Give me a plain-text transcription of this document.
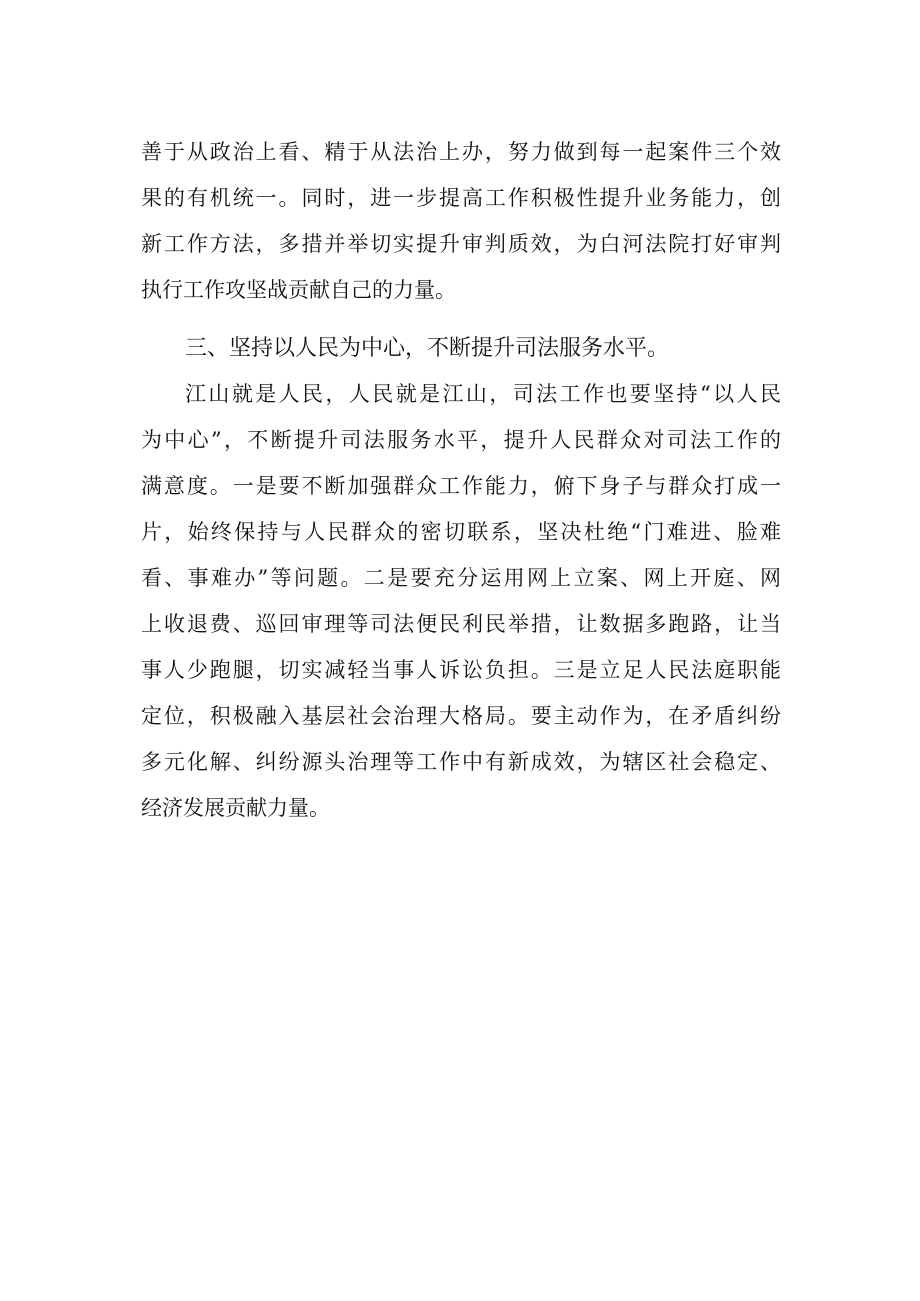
善于从政治上看、精于从法治上办，努力做到每一起案件三个效
果的有机统一。同时，进一步提高工作积极性提升业务能力，创
新工作方法，多措并举切实提升审判质效，为白河法院打好审判
执行工作攻坚战贡献自己的力量。
三、坚持以人民为中心，不断提升司法服务水平。
江山就是人民，人民就是江山，司法工作也要坚持“以人民
为中心”，不断提升司法服务水平，提升人民群众对司法工作的
满意度。一是要不断加强群众工作能力，俯下身子与群众打成一
片，始终保持与人民群众的密切联系，坚决杜绝“门难进、脸难
看、事难办”等问题。二是要充分运用网上立案、网上开庭、网
上收退费、巡回审理等司法便民利民举措，让数据多跑路，让当
事人少跑腿，切实减轻当事人诉讼负担。三是立足人民法庭职能
定位，积极融入基层社会治理大格局。要主动作为，在矛盾纠纷
多元化解、纠纷源头治理等工作中有新成效，为辖区社会稳定、
经济发展贡献力量。
